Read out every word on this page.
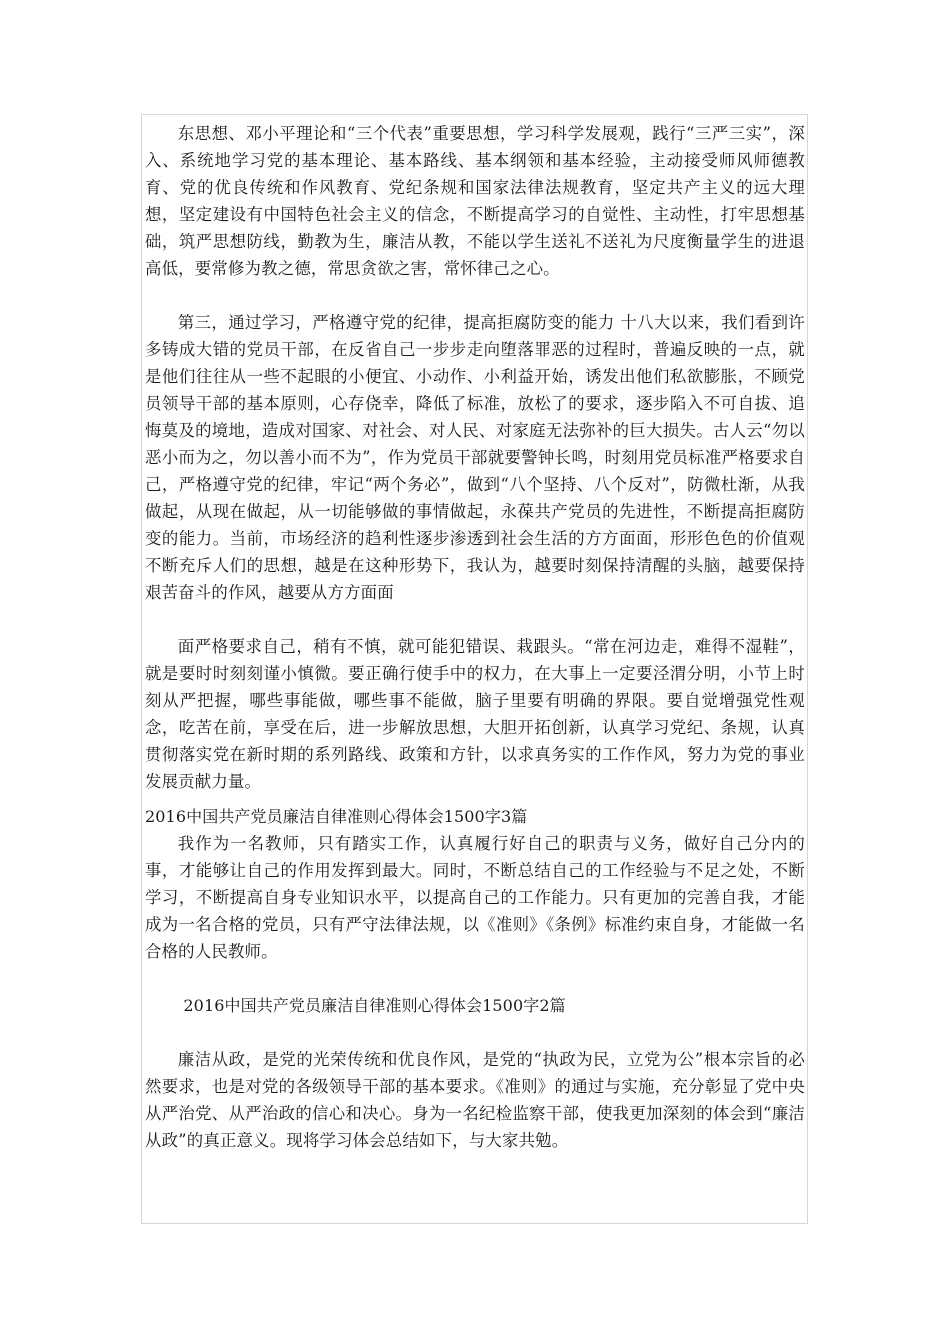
东思想、邓小平理论和“三个代表”重要思想，学习科学发展观，践行“三严三实”，深入、系统地学习党的基本理论、基本路线、基本纲领和基本经验，主动接受师风师德教育、党的优良传统和作风教育、党纪条规和国家法律法规教育，坚定共产主义的远大理想，坚定建设有中国特色社会主义的信念，不断提高学习的自觉性、主动性，打牢思想基础，筑严思想防线，勤教为生，廉洁从教，不能以学生送礼不送礼为尺度衡量学生的进退高低，要常修为教之德，常思贪欲之害，常怀律己之心。

第三，通过学习，严格遵守党的纪律，提高拒腐防变的能力 十八大以来，我们看到许多铸成大错的党员干部，在反省自己一步步走向堕落罪恶的过程时，普遍反映的一点，就是他们往往从一些不起眼的小便宜、小动作、小利益开始，诱发出他们私欲膨胀，不顾党员领导干部的基本原则，心存侥幸，降低了标准，放松了的要求，逐步陷入不可自拔、追悔莫及的境地，造成对国家、对社会、对人民、对家庭无法弥补的巨大损失。古人云“勿以恶小而为之，勿以善小而不为”，作为党员干部就要警钟长鸣，时刻用党员标准严格要求自己，严格遵守党的纪律，牢记“两个务必”，做到“八个坚持、八个反对”，防微杜渐，从我做起，从现在做起，从一切能够做的事情做起，永葆共产党员的先进性，不断提高拒腐防变的能力。当前，市场经济的趋利性逐步渗透到社会生活的方方面面，形形色色的价值观不断充斥人们的思想，越是在这种形势下，我认为，越要时刻保持清醒的头脑，越要保持艰苦奋斗的作风，越要从方方面面

面严格要求自己，稍有不慎，就可能犯错误、栽跟头。“常在河边走，难得不湿鞋”，就是要时时刻刻谨小慎微。要正确行使手中的权力，在大事上一定要泾渭分明，小节上时刻从严把握，哪些事能做，哪些事不能做，脑子里要有明确的界限。要自觉增强党性观念，吃苦在前，享受在后，进一步解放思想，大胆开拓创新，认真学习党纪、条规，认真贯彻落实党在新时期的系列路线、政策和方针，以求真务实的工作作风，努力为党的事业发展贡献力量。

2016中国共产党员廉洁自律准则心得体会1500字3篇

我作为一名教师，只有踏实工作，认真履行好自己的职责与义务，做好自己分内的事，才能够让自己的作用发挥到最大。同时，不断总结自己的工作经验与不足之处，不断学习，不断提高自身专业知识水平，以提高自己的工作能力。只有更加的完善自我，才能成为一名合格的党员，只有严守法律法规，以《准则》《条例》标准约束自身，才能做一名合格的人民教师。

2016中国共产党员廉洁自律准则心得体会1500字2篇

廉洁从政，是党的光荣传统和优良作风，是党的“执政为民，立党为公”根本宗旨的必然要求，也是对党的各级领导干部的基本要求。《准则》的通过与实施，充分彰显了党中央从严治党、从严治政的信心和决心。身为一名纪检监察干部，使我更加深刻的体会到“廉洁从政”的真正意义。现将学习体会总结如下，与大家共勉。
